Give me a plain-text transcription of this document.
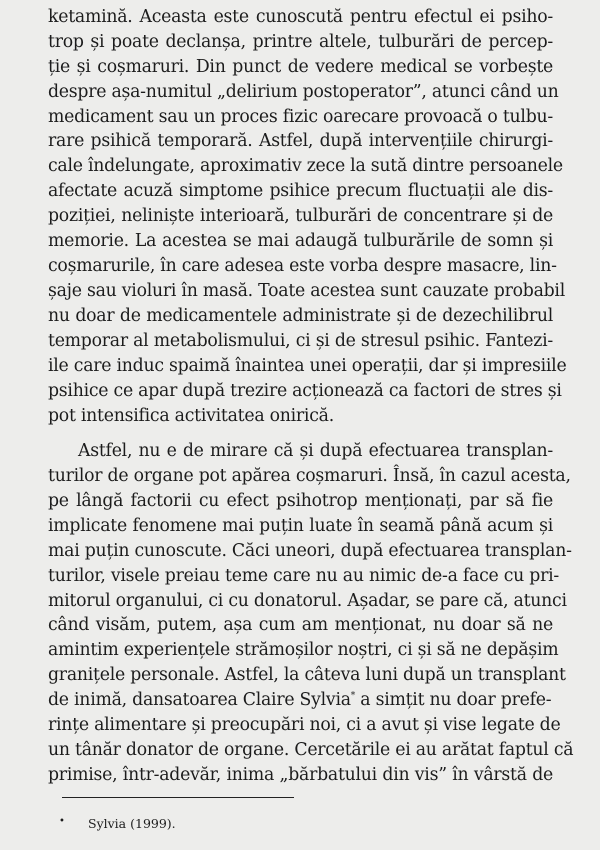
ketamină. Aceasta este cunoscută pentru efectul ei psiho-
trop și poate declanșa, printre altele, tulburări de percep-
ție și coșmaruri. Din punct de vedere medical se vorbește
despre așa-numitul „delirium postoperator”, atunci când un
medicament sau un proces fizic oarecare provoacă o tulbu-
rare psihică temporară. Astfel, după intervențiile chirurgi-
cale îndelungate, aproximativ zece la sută dintre persoanele
afectate acuză simptome psihice precum fluctuații ale dis-
poziției, neliniște interioară, tulburări de concentrare și de
memorie. La acestea se mai adaugă tulburările de somn și
coșmarurile, în care adesea este vorba despre masacre, lin-
șaje sau violuri în masă. Toate acestea sunt cauzate probabil
nu doar de medicamentele administrate și de dezechilibrul
temporar al metabolismului, ci și de stresul psihic. Fantezi-
ile care induc spaimă înaintea unei operații, dar și impresiile
psihice ce apar după trezire acționează ca factori de stres și
pot intensifica activitatea onirică.
Astfel, nu e de mirare că și după efectuarea transplan-
turilor de organe pot apărea coșmaruri. Însă, în cazul acesta,
pe lângă factorii cu efect psihotrop menționați, par să fie
implicate fenomene mai puțin luate în seamă până acum și
mai puțin cunoscute. Căci uneori, după efectuarea transplan-
turilor, visele preiau teme care nu au nimic de-a face cu pri-
mitorul organului, ci cu donatorul. Așadar, se pare că, atunci
când visăm, putem, așa cum am menționat, nu doar să ne
amintim experiențele strămoșilor noștri, ci și să ne depășim
granițele personale. Astfel, la câteva luni după un transplant
de inimă, dansatoarea Claire Sylvia* a simțit nu doar prefe-
rințe alimentare și preocupări noi, ci a avut și vise legate de
un tânăr donator de organe. Cercetările ei au arătat faptul că
primise, într-adevăr, inima „bărbatului din vis” în vârstă de
• Sylvia (1999).
